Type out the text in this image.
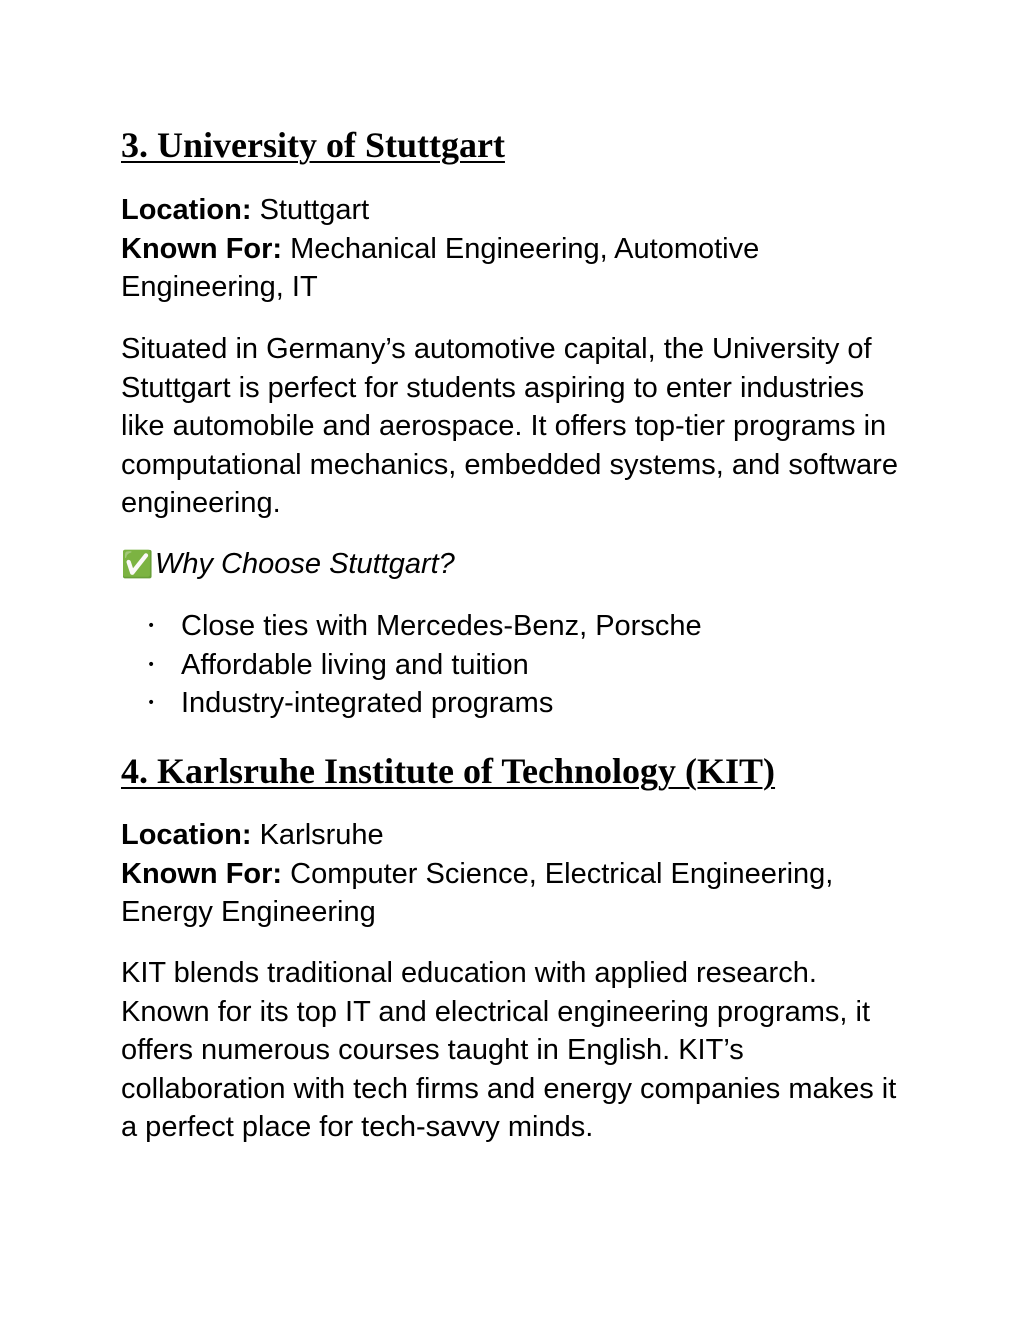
3. University of Stuttgart

Location: Stuttgart
Known For: Mechanical Engineering, Automotive Engineering, IT

Situated in Germany’s automotive capital, the University of Stuttgart is perfect for students aspiring to enter industries like automobile and aerospace. It offers top-tier programs in computational mechanics, embedded systems, and software engineering.

✅Why Choose Stuttgart?

• Close ties with Mercedes-Benz, Porsche
• Affordable living and tuition
• Industry-integrated programs
4. Karlsruhe Institute of Technology (KIT)

Location: Karlsruhe
Known For: Computer Science, Electrical Engineering, Energy Engineering

KIT blends traditional education with applied research. Known for its top IT and electrical engineering programs, it offers numerous courses taught in English. KIT’s collaboration with tech firms and energy companies makes it a perfect place for tech-savvy minds.
